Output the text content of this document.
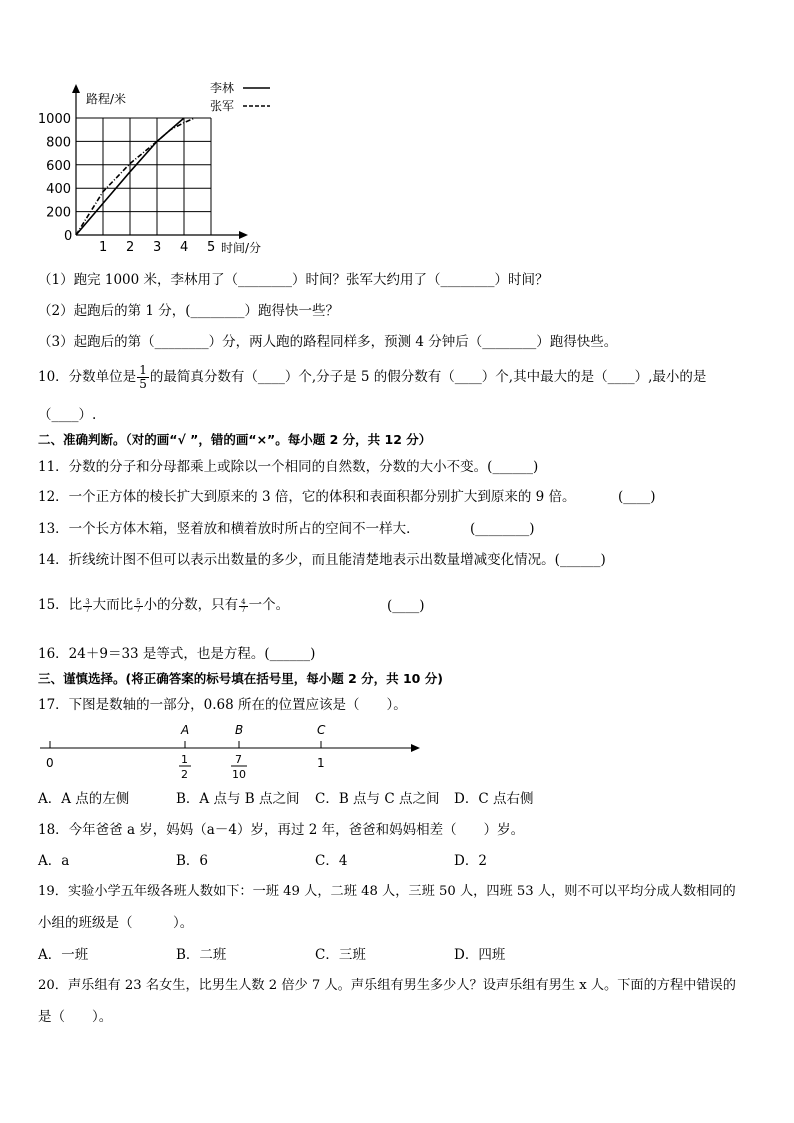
1 2 3 4 5
200
400
600
800
1000
0
路程/米
时间/分
李林
张军
（1）跑完 1000 米，李林用了（________）时间？张军大约用了（________）时间？
（2）起跑后的第 1 分，(________）跑得快一些？
（3）起跑后的第（________）分，两人跑的路程同样多，预测 4 分钟后（________）跑得快些。
10．分数单位是 $\frac{1}{5}$ 的最简真分数有（____）个,分子是 5 的假分数有（____）个,其中最大的是（____）,最小的是
（____）.
二、准确判断。（对的画“√ ”，错的画“×”。每小题 2 分，共 12 分）
11．分数的分子和分母都乘上或除以一个相同的自然数，分数的大小不变。(______)
12．一个正方体的棱长扩大到原来的 3 倍，它的体积和表面积都分别扩大到原来的 9 倍。	(____)
13．一个长方体木箱，竖着放和横着放时所占的空间不一样大．	(________)
14．折线统计图不但可以表示出数量的多少，而且能清楚地表示出数量增减变化情况。(______)
15．比 $\frac{3}{7}$ 大而比 $\frac{5}{7}$ 小的分数，只有 $\frac{4}{7}$ 一个。	(____)
16．24＋9＝33 是等式，也是方程。(______)
三、谨慎选择。(将正确答案的标号填在括号里，每小题 2 分，共 10 分)
17．下图是数轴的一部分，0.68 所在的位置应该是（　　）。
0
A	B	C
1
2
7
10
1
A．A 点的左侧	B．A 点与 B 点之间 C．B 点与 C 点之间 D．C 点右侧
18．今年爸爸 a 岁，妈妈（a－4）岁，再过 2 年，爸爸和妈妈相差（　　）岁。
A．a	B．6	C．4	D．2
19．实验小学五年级各班人数如下：一班 49 人，二班 48 人，三班 50 人，四班 53 人，则不可以平均分成人数相同的
小组的班级是（　　　）。
A．一班	B．二班	C．三班	D．四班
20．声乐组有 23 名女生，比男生人数 2 倍少 7 人。声乐组有男生多少人？设声乐组有男生 x 人。下面的方程中错误的
是（　　）。
